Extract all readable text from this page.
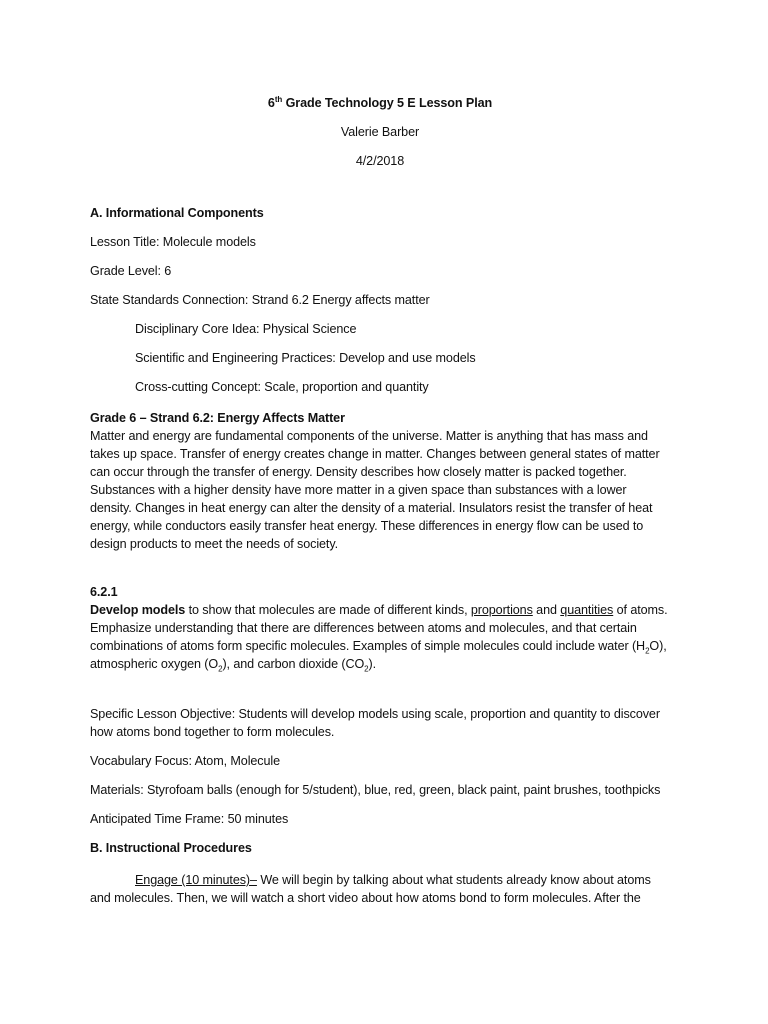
6th Grade Technology 5 E Lesson Plan
Valerie Barber
4/2/2018
A. Informational Components
Lesson Title: Molecule models
Grade Level: 6
State Standards Connection: Strand 6.2 Energy affects matter
Disciplinary Core Idea: Physical Science
Scientific and Engineering Practices: Develop and use models
Cross-cutting Concept: Scale, proportion and quantity
Grade 6 – Strand 6.2: Energy Affects Matter
Matter and energy are fundamental components of the universe. Matter is anything that has mass and takes up space. Transfer of energy creates change in matter. Changes between general states of matter can occur through the transfer of energy. Density describes how closely matter is packed together. Substances with a higher density have more matter in a given space than substances with a lower density. Changes in heat energy can alter the density of a material. Insulators resist the transfer of heat energy, while conductors easily transfer heat energy. These differences in energy flow can be used to design products to meet the needs of society.
6.2.1
Develop models to show that molecules are made of different kinds, proportions and quantities of atoms. Emphasize understanding that there are differences between atoms and molecules, and that certain combinations of atoms form specific molecules. Examples of simple molecules could include water $(H_2O)$, atmospheric oxygen $(O_2)$, and carbon dioxide $(CO_2)$.
Specific Lesson Objective: Students will develop models using scale, proportion and quantity to discover how atoms bond together to form molecules.
Vocabulary Focus: Atom, Molecule
Materials: Styrofoam balls (enough for 5/student), blue, red, green, black paint, paint brushes, toothpicks
Anticipated Time Frame: 50 minutes
B. Instructional Procedures
Engage (10 minutes)– We will begin by talking about what students already know about atoms and molecules. Then, we will watch a short video about how atoms bond to form molecules. After the
